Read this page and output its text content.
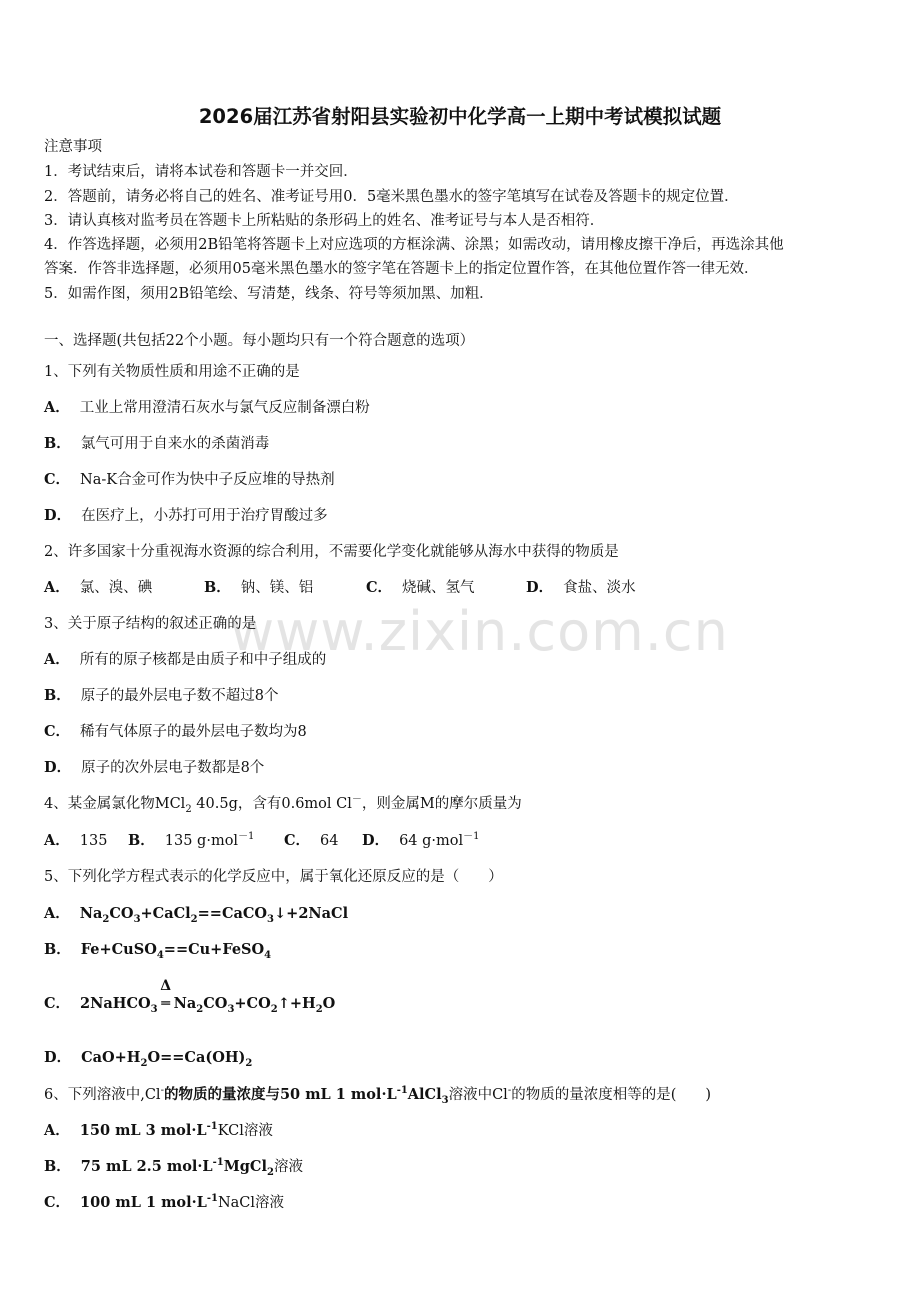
www.zixin.com.cn
2026届江苏省射阳县实验初中化学高一上期中考试模拟试题
注意事项
1．考试结束后，请将本试卷和答题卡一并交回．
2．答题前，请务必将自己的姓名、准考证号用0．5毫米黑色墨水的签字笔填写在试卷及答题卡的规定位置．
3．请认真核对监考员在答题卡上所粘贴的条形码上的姓名、准考证号与本人是否相符．
4．作答选择题，必须用2B铅笔将答题卡上对应选项的方框涂满、涂黑；如需改动，请用橡皮擦干净后，再选涂其他
答案．作答非选择题，必须用05毫米黑色墨水的签字笔在答题卡上的指定位置作答，在其他位置作答一律无效．
5．如需作图，须用2B铅笔绘、写清楚，线条、符号等须加黑、加粗．
一、选择题(共包括22个小题。每小题均只有一个符合题意的选项）
1、下列有关物质性质和用途不正确的是
A． 工业上常用澄清石灰水与氯气反应制备漂白粉
B． 氯气可用于自来水的杀菌消毒
C． Na-K合金可作为快中子反应堆的导热剂
D． 在医疗上，小苏打可用于治疗胃酸过多
2、许多国家十分重视海水资源的综合利用，不需要化学变化就能够从海水中获得的物质是
A． 氯、溴、碘	B． 钠、镁、铝	C． 烧碱、氢气	D． 食盐、淡水
3、关于原子结构的叙述正确的是
A． 所有的原子核都是由质子和中子组成的
B． 原子的最外层电子数不超过8个
C． 稀有气体原子的最外层电子数均为8
D． 原子的次外层电子数都是8个
4、某金属氯化物MCl$_2$ 40.5g，含有0.6mol Cl－，则金属M的摩尔质量为
A． 135 B． 135 g·mol－1 C． 64 D． 64 g·mol－1
5、下列化学方程式表示的化学反应中，属于氧化还原反应的是（　　）
A． $Na_2CO_3+CaCl_2==CaCO_3↓+2NaCl$
B． Fe+CuSO$_4$==Cu+FeSO$_4$
C． 2NaHCO$_3$
Δ
═ $Na_2CO_3+CO_2↑+H_2O$
D． $CaO+H_2O==Ca(OH)_2$
6、下列溶液中,Cl-的物质的量浓度与50 mL 1 $mol\cdot L^{-1}AlCl_3$溶液中Cl-的物质的量浓度相等的是(　　)
A． 150 mL 3 $mol\cdot L^{-1}KCl$溶液
B． 75 mL 2.5 $mol\cdot L^{-1}MgCl_2$溶液
C． 100 mL 1 $mol\cdot L^{-1}NaCl$溶液
